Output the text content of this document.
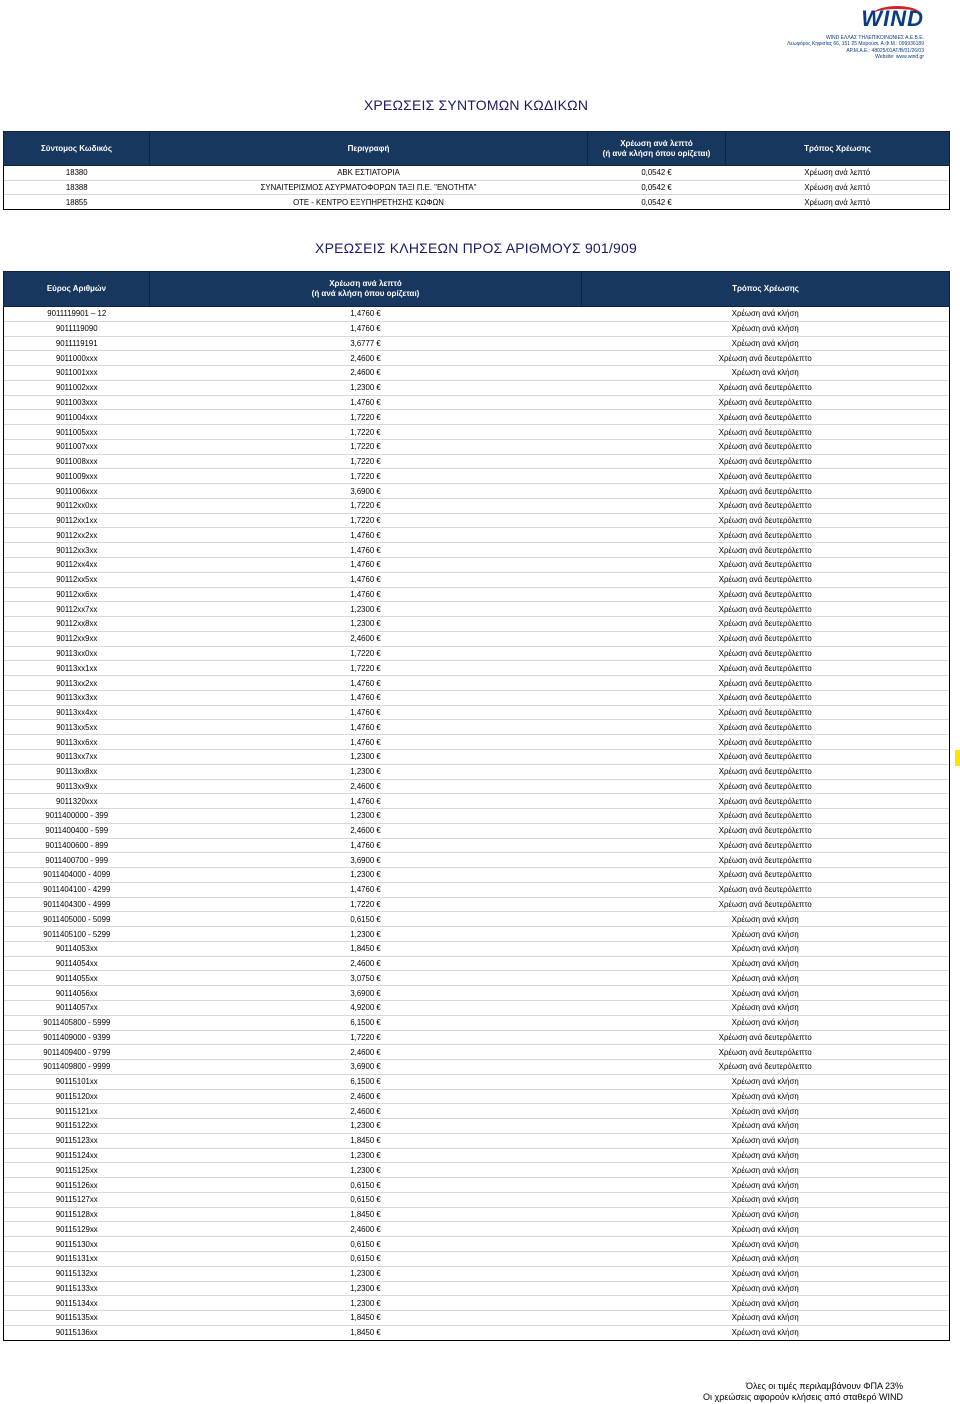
WIND
WIND ΕΛΛΑΣ ΤΗΛΕΠΙΚΟΙΝΩΝΙΕΣ Α.Ε.Β.Ε.
Λεωφόρος Κηφισίας 66, 151 25 Μαρούσι, Α.Φ.Μ.: 099936189
ΑΡ.Μ.Α.Ε.: 48025/01ΑΤ/Β/01/26/03
Website: www.wind.gr
ΧΡΕΩΣΕΙΣ ΣΥΝΤΟΜΩΝ ΚΩΔΙΚΩΝ
Σύντομος Κωδικός	Περιγραφή	Χρέωση ανά λεπτό
(ή ανά κλήση όπου ορίζεται)	Τρόπος Χρέωσης
18380	ΑΒΚ ΕΣΤΙΑΤΟΡΙΑ	0,0542 €	Χρέωση ανά λεπτό
18388	ΣΥΝΑΙΤΕΡΙΣΜΟΣ ΑΣΥΡΜΑΤΟΦΟΡΩΝ ΤΑΞΙ Π.Ε. "ΕΝΟΤΗΤΑ"	0,0542 €	Χρέωση ανά λεπτό
18855	ΟΤΕ - ΚΕΝΤΡΟ ΕΞΥΠΗΡΕΤΗΣΗΣ ΚΩΦΩΝ	0,0542 €	Χρέωση ανά λεπτό
ΧΡΕΩΣΕΙΣ ΚΛΗΣΕΩΝ ΠΡΟΣ ΑΡΙΘΜΟΥΣ 901/909
Εύρος Αριθμών	Χρέωση ανά λεπτό
(ή ανά κλήση όπου ορίζεται)	Τρόπος Χρέωσης
9011119901 – 12	1,4760 €	Χρέωση ανά κλήση
9011119090	1,4760 €	Χρέωση ανά κλήση
9011119191	3,6777 €	Χρέωση ανά κλήση
9011000xxx	2,4600 €	Χρέωση ανά δευτερόλεπτο
9011001xxx	2,4600 €	Χρέωση ανά κλήση
9011002xxx	1,2300 €	Χρέωση ανά δευτερόλεπτο
9011003xxx	1,4760 €	Χρέωση ανά δευτερόλεπτο
9011004xxx	1,7220 €	Χρέωση ανά δευτερόλεπτο
9011005xxx	1,7220 €	Χρέωση ανά δευτερόλεπτο
9011007xxx	1,7220 €	Χρέωση ανά δευτερόλεπτο
9011008xxx	1,7220 €	Χρέωση ανά δευτερόλεπτο
9011009xxx	1,7220 €	Χρέωση ανά δευτερόλεπτο
9011006xxx	3,6900 €	Χρέωση ανά δευτερόλεπτο
90112xx0xx	1,7220 €	Χρέωση ανά δευτερόλεπτο
90112xx1xx	1,7220 €	Χρέωση ανά δευτερόλεπτο
90112xx2xx	1,4760 €	Χρέωση ανά δευτερόλεπτο
90112xx3xx	1,4760 €	Χρέωση ανά δευτερόλεπτο
90112xx4xx	1,4760 €	Χρέωση ανά δευτερόλεπτο
90112xx5xx	1,4760 €	Χρέωση ανά δευτερόλεπτο
90112xx6xx	1,4760 €	Χρέωση ανά δευτερόλεπτο
90112xx7xx	1,2300 €	Χρέωση ανά δευτερόλεπτο
90112xx8xx	1,2300 €	Χρέωση ανά δευτερόλεπτο
90112xx9xx	2,4600 €	Χρέωση ανά δευτερόλεπτο
90113xx0xx	1,7220 €	Χρέωση ανά δευτερόλεπτο
90113xx1xx	1,7220 €	Χρέωση ανά δευτερόλεπτο
90113xx2xx	1,4760 €	Χρέωση ανά δευτερόλεπτο
90113xx3xx	1,4760 €	Χρέωση ανά δευτερόλεπτο
90113xx4xx	1,4760 €	Χρέωση ανά δευτερόλεπτο
90113xx5xx	1,4760 €	Χρέωση ανά δευτερόλεπτο
90113xx6xx	1,4760 €	Χρέωση ανά δευτερόλεπτο
90113xx7xx	1,2300 €	Χρέωση ανά δευτερόλεπτο
90113xx8xx	1,2300 €	Χρέωση ανά δευτερόλεπτο
90113xx9xx	2,4600 €	Χρέωση ανά δευτερόλεπτο
9011320xxx	1,4760 €	Χρέωση ανά δευτερόλεπτο
9011400000 - 399	1,2300 €	Χρέωση ανά δευτερόλεπτο
9011400400 - 599	2,4600 €	Χρέωση ανά δευτερόλεπτο
9011400600 - 899	1,4760 €	Χρέωση ανά δευτερόλεπτο
9011400700 - 999	3,6900 €	Χρέωση ανά δευτερόλεπτο
9011404000 - 4099	1,2300 €	Χρέωση ανά δευτερόλεπτο
9011404100 - 4299	1,4760 €	Χρέωση ανά δευτερόλεπτο
9011404300 - 4999	1,7220 €	Χρέωση ανά δευτερόλεπτο
9011405000 - 5099	0,6150 €	Χρέωση ανά κλήση
9011405100 - 5299	1,2300 €	Χρέωση ανά κλήση
90114053xx	1,8450 €	Χρέωση ανά κλήση
90114054xx	2,4600 €	Χρέωση ανά κλήση
90114055xx	3,0750 €	Χρέωση ανά κλήση
90114056xx	3,6900 €	Χρέωση ανά κλήση
90114057xx	4,9200 €	Χρέωση ανά κλήση
9011405800 - 5999	6,1500 €	Χρέωση ανά κλήση
9011409000 - 9399	1,7220 €	Χρέωση ανά δευτερόλεπτο
9011409400 - 9799	2,4600 €	Χρέωση ανά δευτερόλεπτο
9011409800 - 9999	3,6900 €	Χρέωση ανά δευτερόλεπτο
90115101xx	6,1500 €	Χρέωση ανά κλήση
90115120xx	2,4600 €	Χρέωση ανά κλήση
90115121xx	2,4600 €	Χρέωση ανά κλήση
90115122xx	1,2300 €	Χρέωση ανά κλήση
90115123xx	1,8450 €	Χρέωση ανά κλήση
90115124xx	1,2300 €	Χρέωση ανά κλήση
90115125xx	1,2300 €	Χρέωση ανά κλήση
90115126xx	0,6150 €	Χρέωση ανά κλήση
90115127xx	0,6150 €	Χρέωση ανά κλήση
90115128xx	1,8450 €	Χρέωση ανά κλήση
90115129xx	2,4600 €	Χρέωση ανά κλήση
90115130xx	0,6150 €	Χρέωση ανά κλήση
90115131xx	0,6150 €	Χρέωση ανά κλήση
90115132xx	1,2300 €	Χρέωση ανά κλήση
90115133xx	1,2300 €	Χρέωση ανά κλήση
90115134xx	1,2300 €	Χρέωση ανά κλήση
90115135xx	1,8450 €	Χρέωση ανά κλήση
90115136xx	1,8450 €	Χρέωση ανά κλήση
Όλες οι τιμές περιλαμβάνουν ΦΠΑ 23%
Οι χρεώσεις αφορούν κλήσεις από σταθερό WIND
